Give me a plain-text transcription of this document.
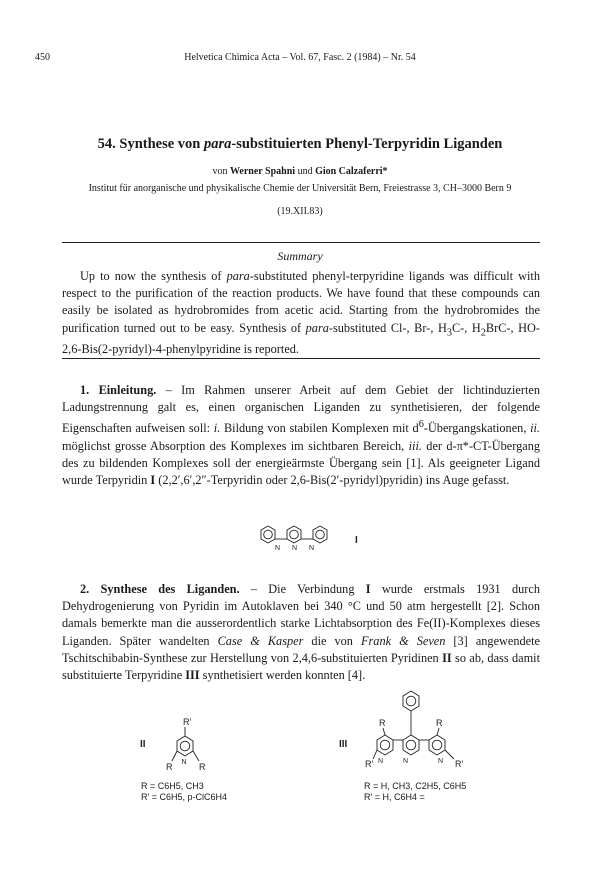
450	Helvetica Chimica Acta – Vol. 67, Fasc. 2 (1984) – Nr. 54
54. Synthese von para-substituierten Phenyl-Terpyridin Liganden
von Werner Spahni und Gion Calzaferri*
Institut für anorganische und physikalische Chemie der Universität Bern, Freiestrasse 3, CH–3000 Bern 9
(19.XII.83)
Summary

Up to now the synthesis of para-substituted phenyl-terpyridine ligands was difficult with respect to the purification of the reaction products. We have found that these compounds can easily be isolated as hydrobromides from acetic acid. Starting from the hydrobromides the purification turned out to be easy. Synthesis of para-substituted Cl-, Br-, $H_3C-$, $H_2BrC-$, HO- 2,6-Bis(2-pyridyl)-4-phenylpyridine is reported.

1. Einleitung. – Im Rahmen unserer Arbeit auf dem Gebiet der lichtinduzierten Ladungstrennung galt es, einen organischen Liganden zu synthetisieren, der folgende Eigenschaften aufweisen soll: i. Bildung von stabilen Komplexen mit $d^6$-Übergangskationen, ii. möglichst grosse Absorption des Komplexes im sichtbaren Bereich, iii. der d-π*-CT-Übergang des zu bildenden Komplexes soll der energieärmste Übergang sein [1]. Als geeigneter Ligand wurde Terpyridin I (2,2′,6′,2″-Terpyridin oder 2,6-Bis(2′-pyridyl)pyridin) ins Auge gefasst.

N N N
I

2. Synthese des Liganden. – Die Verbindung I wurde erstmals 1931 durch Dehydrogenierung von Pyridin im Autoklaven bei 340 °C und 50 atm hergestellt [2]. Schon damals bemerkte man die ausserordentlich starke Lichtabsorption des Fe(II)-Komplexes dieses Liganden. Später wandelten Case & Kasper die von Frank & Seven [3] angewendete Tschitschibabin-Synthese zur Herstellung von 2,4,6-substituierten Pyridinen II so ab, dass damit substituierte Terpyridine III synthetisiert werden konnten [4].

II
R′
R	R
N
R = C6H5, CH3
R′ = C6H5, p-ClC6H4
III
R	R
R′	R′
N	N	N
R = H, CH3, C2H5, C6H5
R′ = H, C6H4 =
